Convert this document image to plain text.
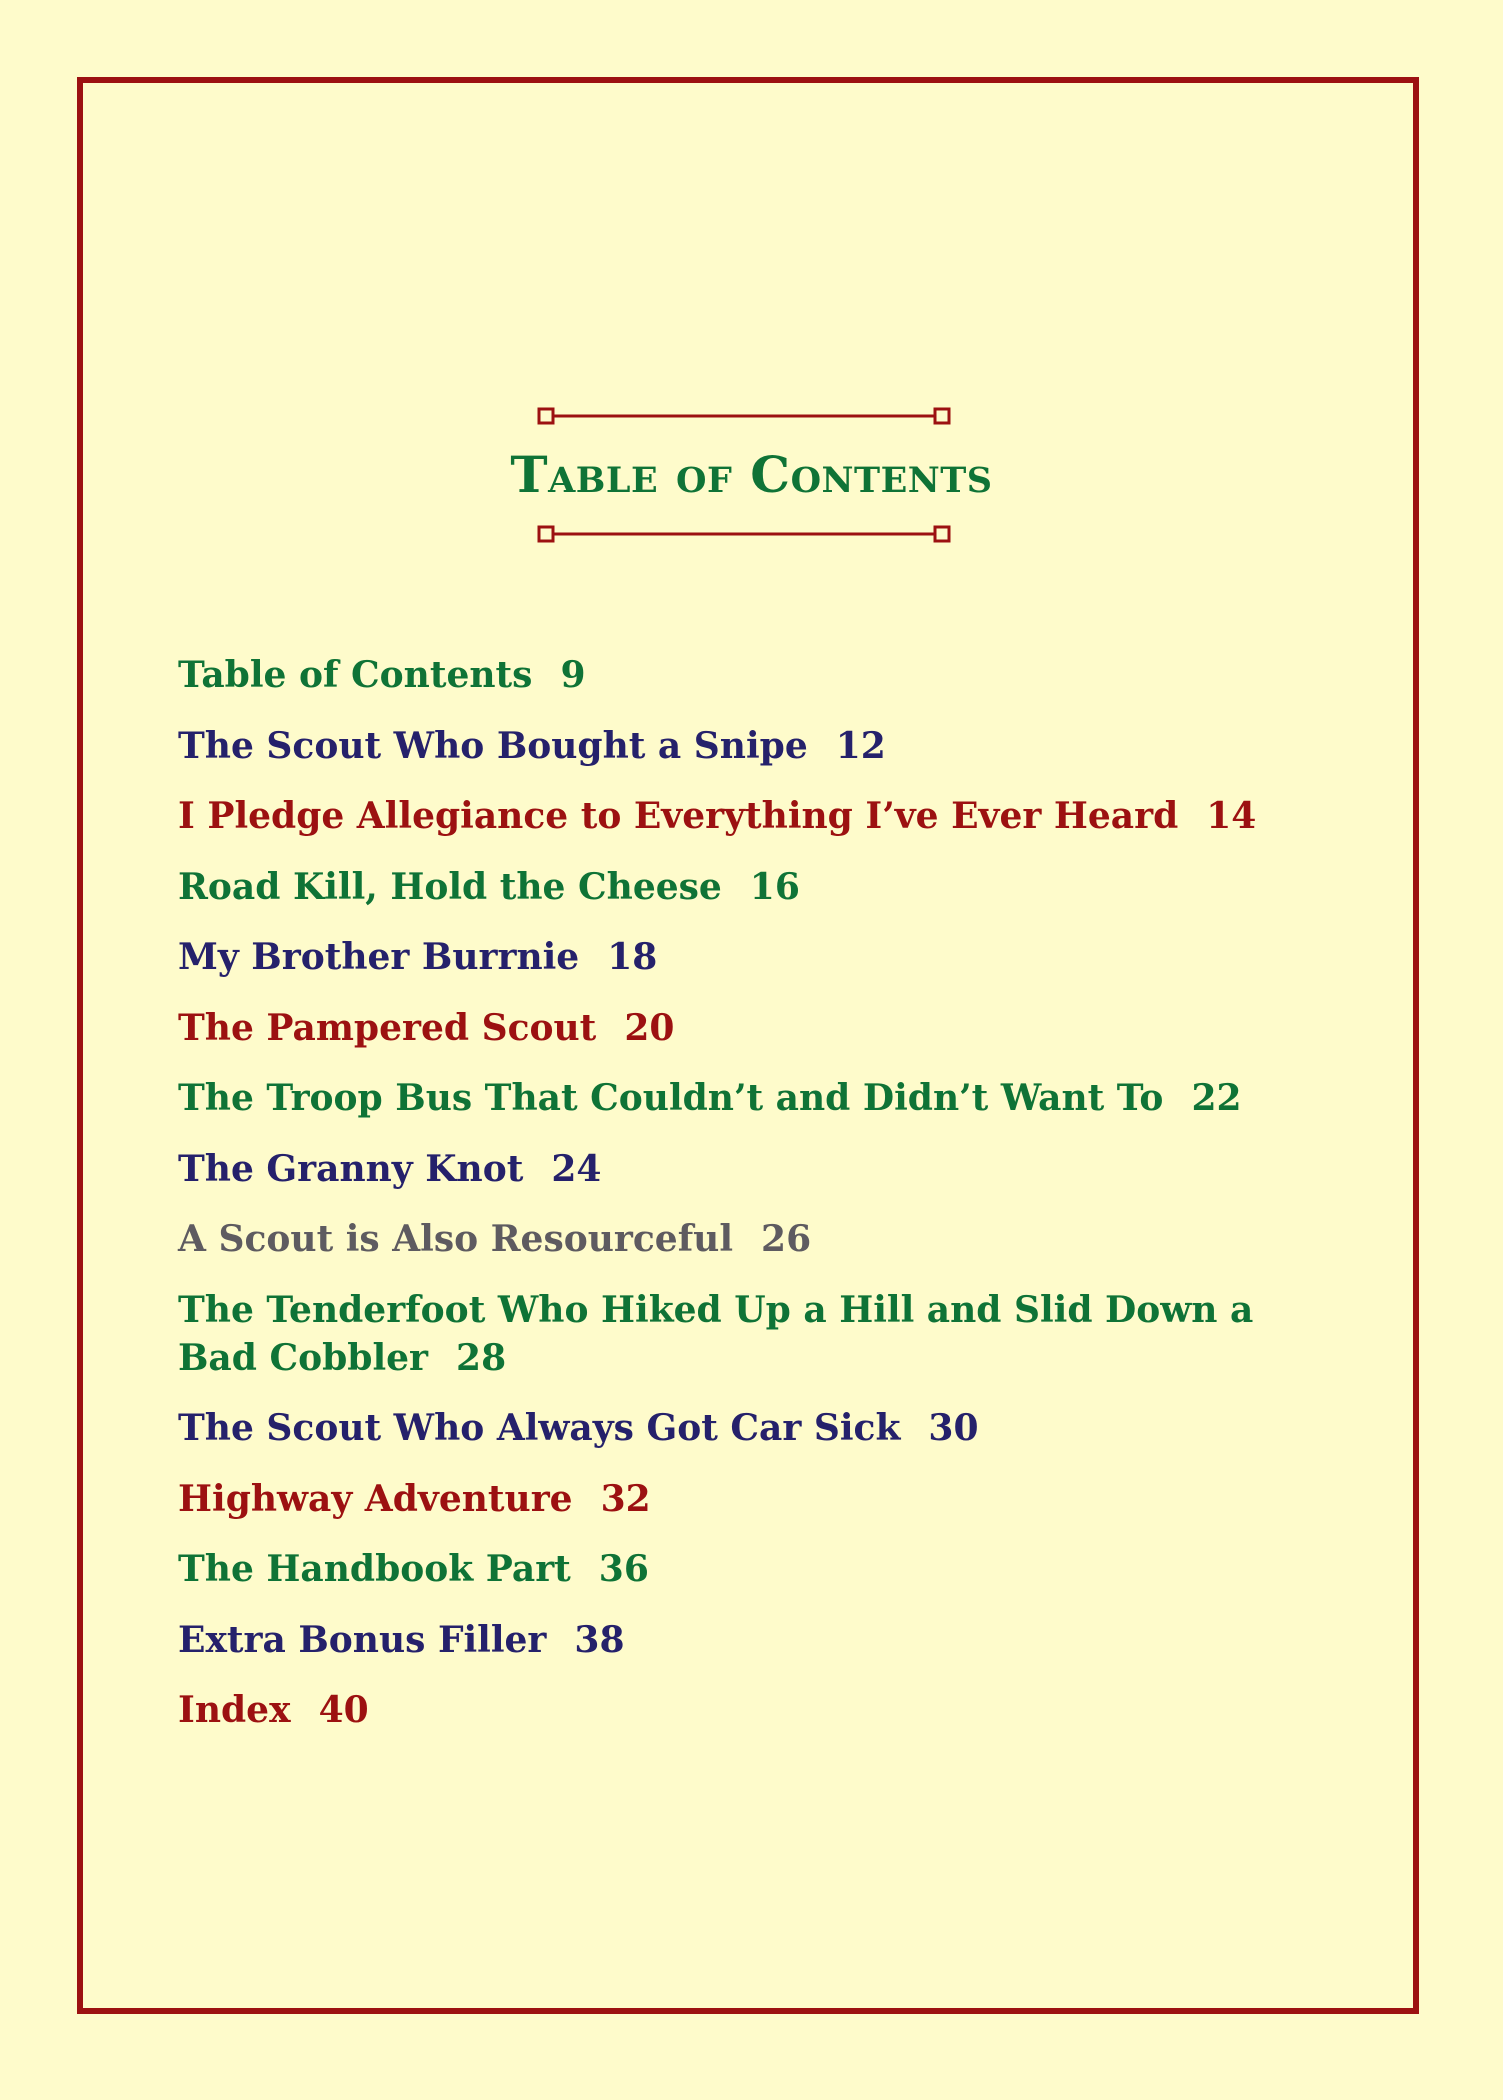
Table of Contents
Table of Contents 9
The Scout Who Bought a Snipe 12
I Pledge Allegiance to Everything I’ve Ever Heard 14
Road Kill, Hold the Cheese 16
My Brother Burrnie 18
The Pampered Scout 20
The Troop Bus That Couldn’t and Didn’t Want To 22
The Granny Knot 24
A Scout is Also Resourceful 26
The Tenderfoot Who Hiked Up a Hill and Slid Down a Bad Cobbler 28
The Scout Who Always Got Car Sick 30
Highway Adventure 32
The Handbook Part 36
Extra Bonus Filler 38
Index 40
